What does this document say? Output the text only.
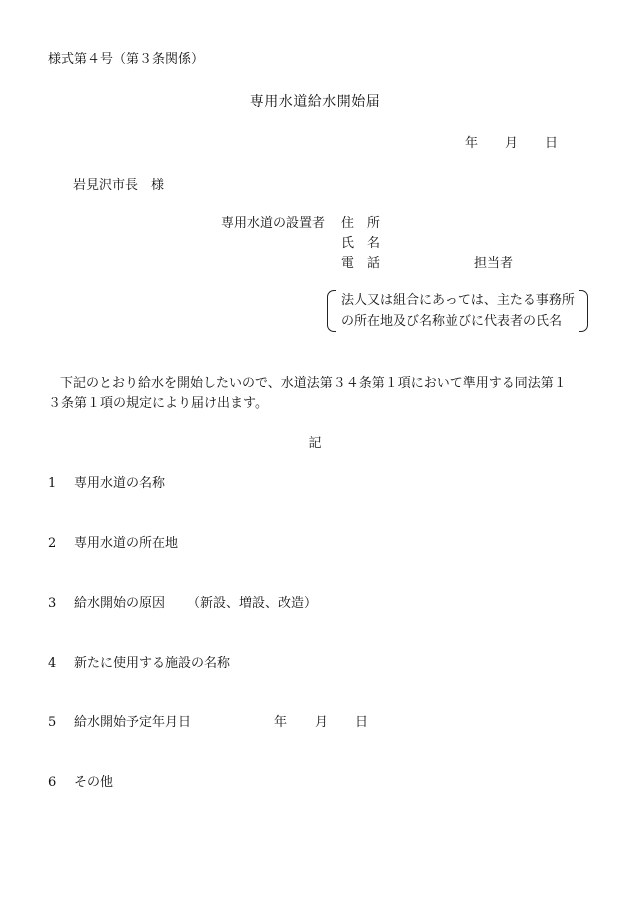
様式第４号（第３条関係）
専用水道給水開始届
年 月 日
岩見沢市長　様
専用水道の設置者 住　所
氏　名
電　話	担当者
法人又は組合にあっては、主たる事務所
の所在地及び名称並びに代表者の氏名
下記のとおり給水を開始したいので、水道法第３４条第１項において準用する同法第１
３条第１項の規定により届け出ます。
記
1 専用水道の名称
2 専用水道の所在地
3 給水開始の原因 （新設、増設、改造）
4 新たに使用する施設の名称
5 給水開始予定年月日	年 月 日
6 その他
